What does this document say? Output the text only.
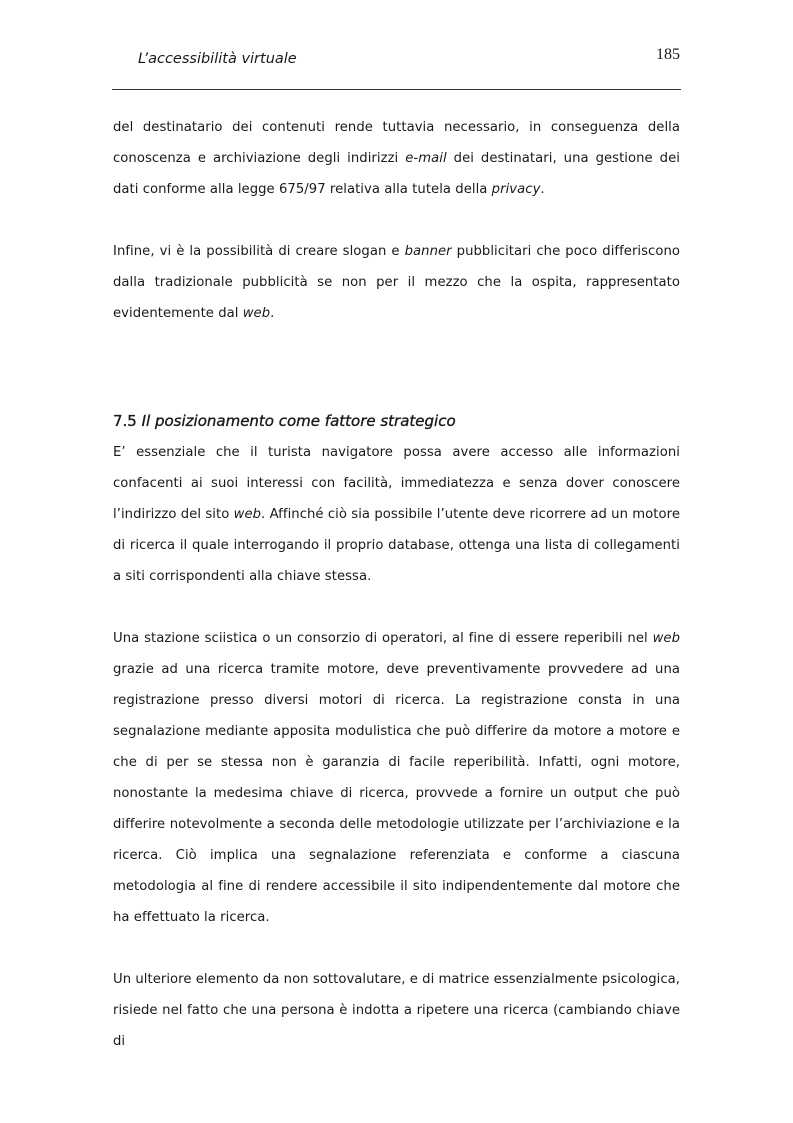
L’accessibilità virtuale	185

del destinatario dei contenuti rende tuttavia necessario, in conseguenza della conoscenza e archiviazione degli indirizzi e-mail dei destinatari, una gestione dei dati conforme alla legge 675/97 relativa alla tutela della privacy.

Infine, vi è la possibilità di creare slogan e banner pubblicitari che poco differiscono dalla tradizionale pubblicità se non per il mezzo che la ospita, rappresentato evidentemente dal web.

7.5 Il posizionamento come fattore strategico

E’ essenziale che il turista navigatore possa avere accesso alle informazioni confacenti ai suoi interessi con facilità, immediatezza e senza dover conoscere l’indirizzo del sito web. Affinché ciò sia possibile l’utente deve ricorrere ad un motore di ricerca il quale interrogando il proprio database, ottenga una lista di collegamenti a siti corrispondenti alla chiave stessa.

Una stazione sciistica o un consorzio di operatori, al fine di essere reperibili nel web grazie ad una ricerca tramite motore, deve preventivamente provvedere ad una registrazione presso diversi motori di ricerca. La registrazione consta in una segnalazione mediante apposita modulistica che può differire da motore a motore e che di per se stessa non è garanzia di facile reperibilità. Infatti, ogni motore, nonostante la medesima chiave di ricerca, provvede a fornire un output che può differire notevolmente a seconda delle metodologie utilizzate per l’archiviazione e la ricerca. Ciò implica una segnalazione referenziata e conforme a ciascuna metodologia al fine di rendere accessibile il sito indipendentemente dal motore che ha effettuato la ricerca.

Un ulteriore elemento da non sottovalutare, e di matrice essenzialmente psicologica, risiede nel fatto che una persona è indotta a ripetere una ricerca (cambiando chiave di
